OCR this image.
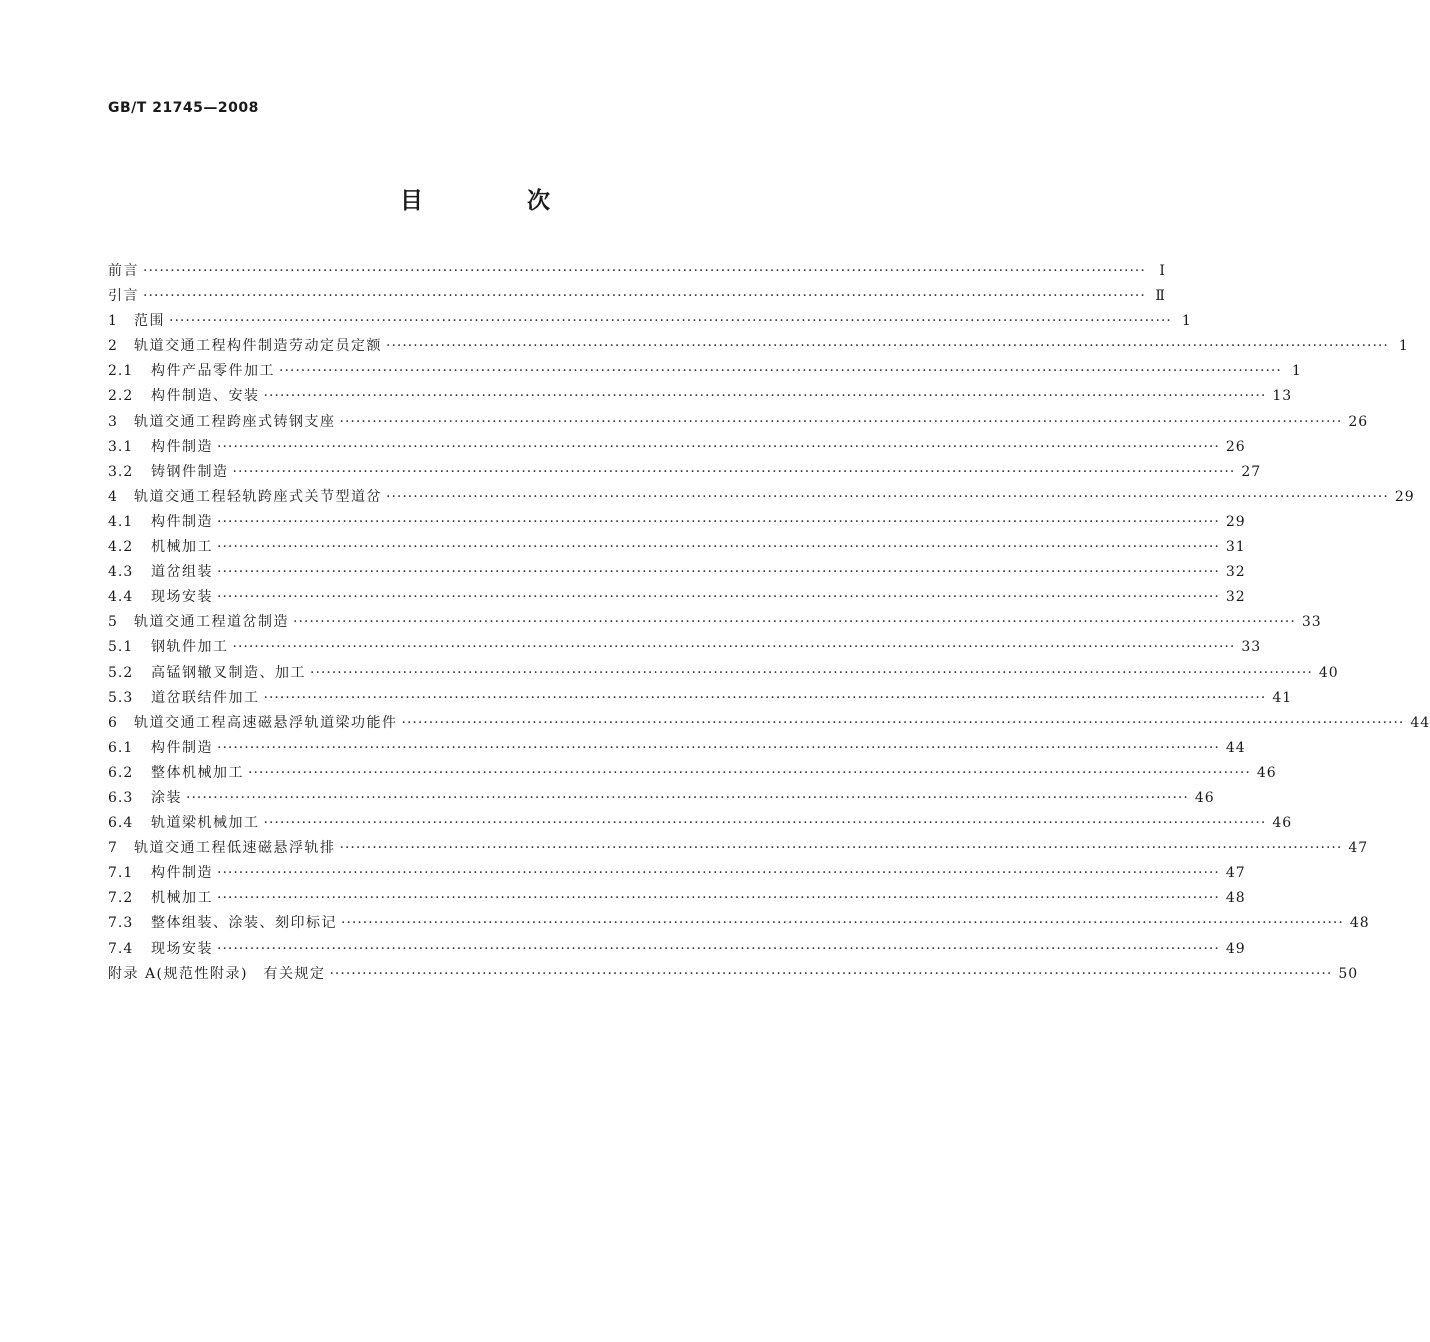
GB/T 21745—2008
目 次
前言 ·····	Ⅰ
引言 ·····	Ⅱ
1 范围 ·····	1
2 轨道交通工程构件制造劳动定员定额 ·····	1
2.1 构件产品零件加工 ·····	1
2.2 构件制造、安装 ·····	13
3 轨道交通工程跨座式铸钢支座 ·····	26
3.1 构件制造 ·····	26
3.2 铸钢件制造 ·····	27
4 轨道交通工程轻轨跨座式关节型道岔 ·····	29
4.1 构件制造 ·····	29
4.2 机械加工 ·····	31
4.3 道岔组装 ·····	32
4.4 现场安装 ·····	32
5 轨道交通工程道岔制造 ·····	33
5.1 钢轨件加工 ·····	33
5.2 高锰钢辙叉制造、加工 ·····	40
5.3 道岔联结件加工 ·····	41
6 轨道交通工程高速磁悬浮轨道梁功能件 ·····	44
6.1 构件制造 ·····	44
6.2 整体机械加工 ·····	46
6.3 涂装 ·····	46
6.4 轨道梁机械加工 ·····	46
7 轨道交通工程低速磁悬浮轨排 ·····	47
7.1 构件制造 ·····	47
7.2 机械加工 ·····	48
7.3 整体组装、涂装、刻印标记 ·····	48
7.4 现场安装 ·····	49
附录 A(规范性附录)　有关规定 ·····	50
